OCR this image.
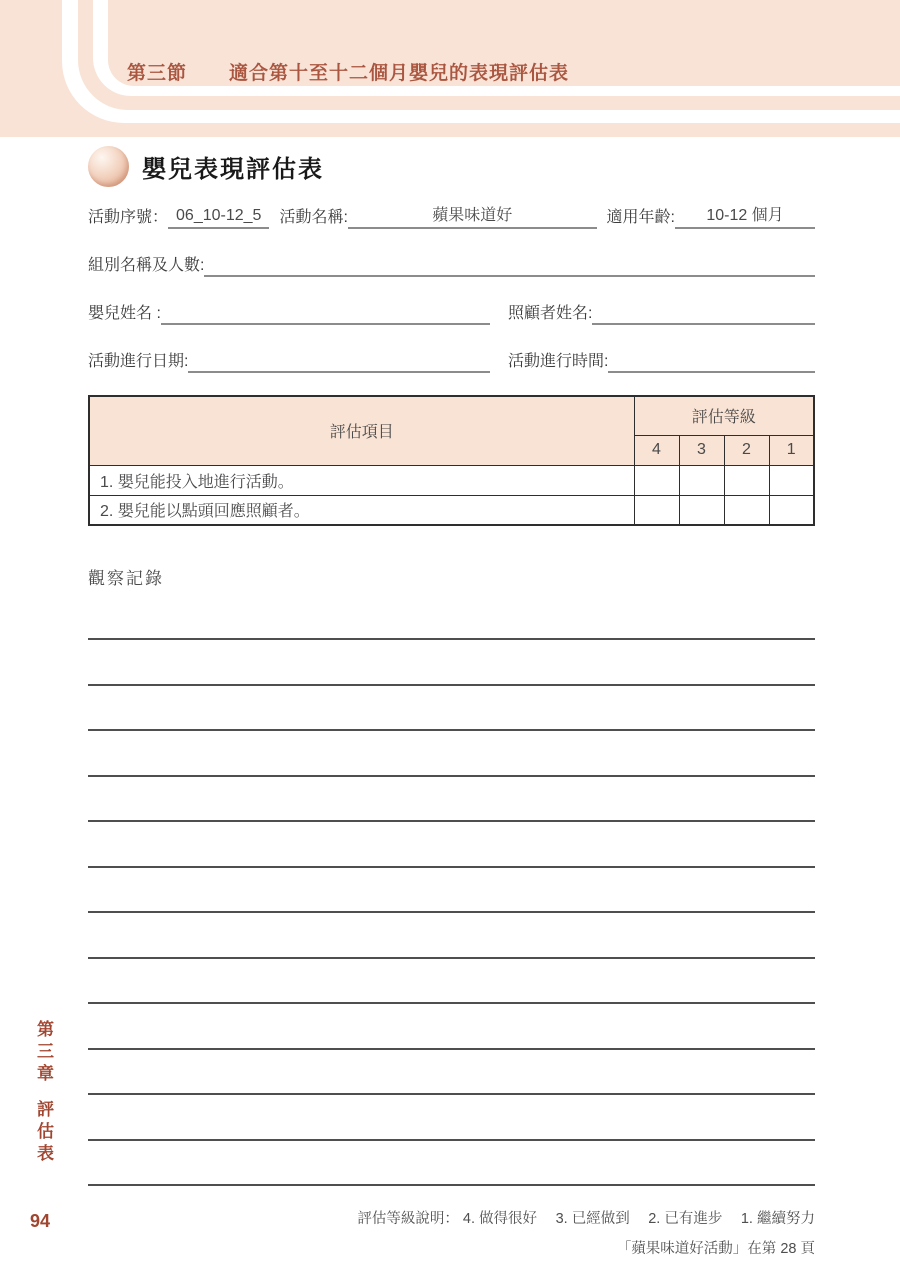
第三節 適合第十至十二個月嬰兒的表現評估表
嬰兒表現評估表
活動序號： 06_10-12_5	活動名稱:	蘋果味道好	適用年齡:	10-12 個月
組別名稱及人數:
嬰兒姓名 :	照顧者姓名:
活動進行日期:	活動進行時間:
評估項目	評估等級			
	4	3	2	1
1. 嬰兒能投入地進行活動。				
2. 嬰兒能以點頭回應照顧者。				
觀察記錄
評估等級說明： 4. 做得很好　 3. 已經做到　 2. 已有進步　 1. 繼續努力
「蘋果味道好活動」在第 28 頁
第三章
評估表
94
